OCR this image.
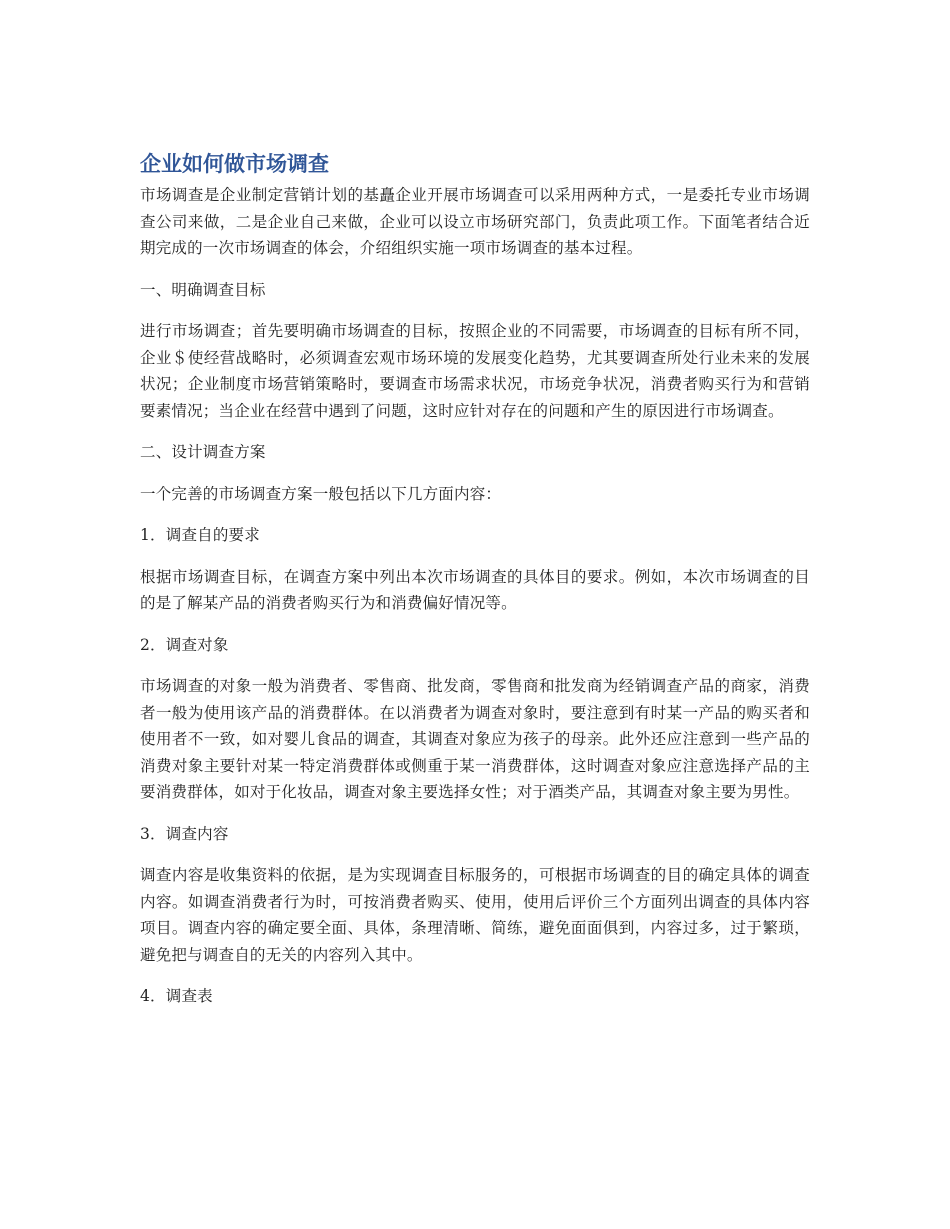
企业如何做市场调查

市场调查是企业制定营销计划的基矗企业开展市场调查可以采用两种方式，一是委托专业市场调查公司来做，二是企业自己来做，企业可以设立市场研究部门，负责此项工作。下面笔者结合近期完成的一次市场调查的体会，介绍组织实施一项市场调查的基本过程。

一、明确调查目标

进行市场调查；首先要明确市场调查的目标，按照企业的不同需要，市场调查的目标有所不同，企业＄使经营战略时，必须调查宏观市场环境的发展变化趋势，尤其要调查所处行业未来的发展状况；企业制度市场营销策略时，要调查市场需求状况，市场竞争状况，消费者购买行为和营销要素情况；当企业在经营中遇到了问题，这时应针对存在的问题和产生的原因进行市场调查。

二、设计调查方案

一个完善的市场调查方案一般包括以下几方面内容：

1．调查自的要求

根据市场调查目标，在调查方案中列出本次市场调查的具体目的要求。例如，本次市场调查的目的是了解某产品的消费者购买行为和消费偏好情况等。

2．调查对象

市场调查的对象一般为消费者、零售商、批发商，零售商和批发商为经销调查产品的商家，消费者一般为使用该产品的消费群体。在以消费者为调查对象时，要注意到有时某一产品的购买者和使用者不一致，如对婴儿食品的调查，其调查对象应为孩子的母亲。此外还应注意到一些产品的消费对象主要针对某一特定消费群体或侧重于某一消费群体，这时调查对象应注意选择产品的主要消费群体，如对于化妆品，调查对象主要选择女性；对于酒类产品，其调查对象主要为男性。

3．调查内容

调查内容是收集资料的依据，是为实现调查目标服务的，可根据市场调查的目的确定具体的调查内容。如调查消费者行为时，可按消费者购买、使用，使用后评价三个方面列出调查的具体内容项目。调查内容的确定要全面、具体，条理清晰、简练，避免面面俱到，内容过多，过于繁琐，避免把与调查自的无关的内容列入其中。

4．调查表
